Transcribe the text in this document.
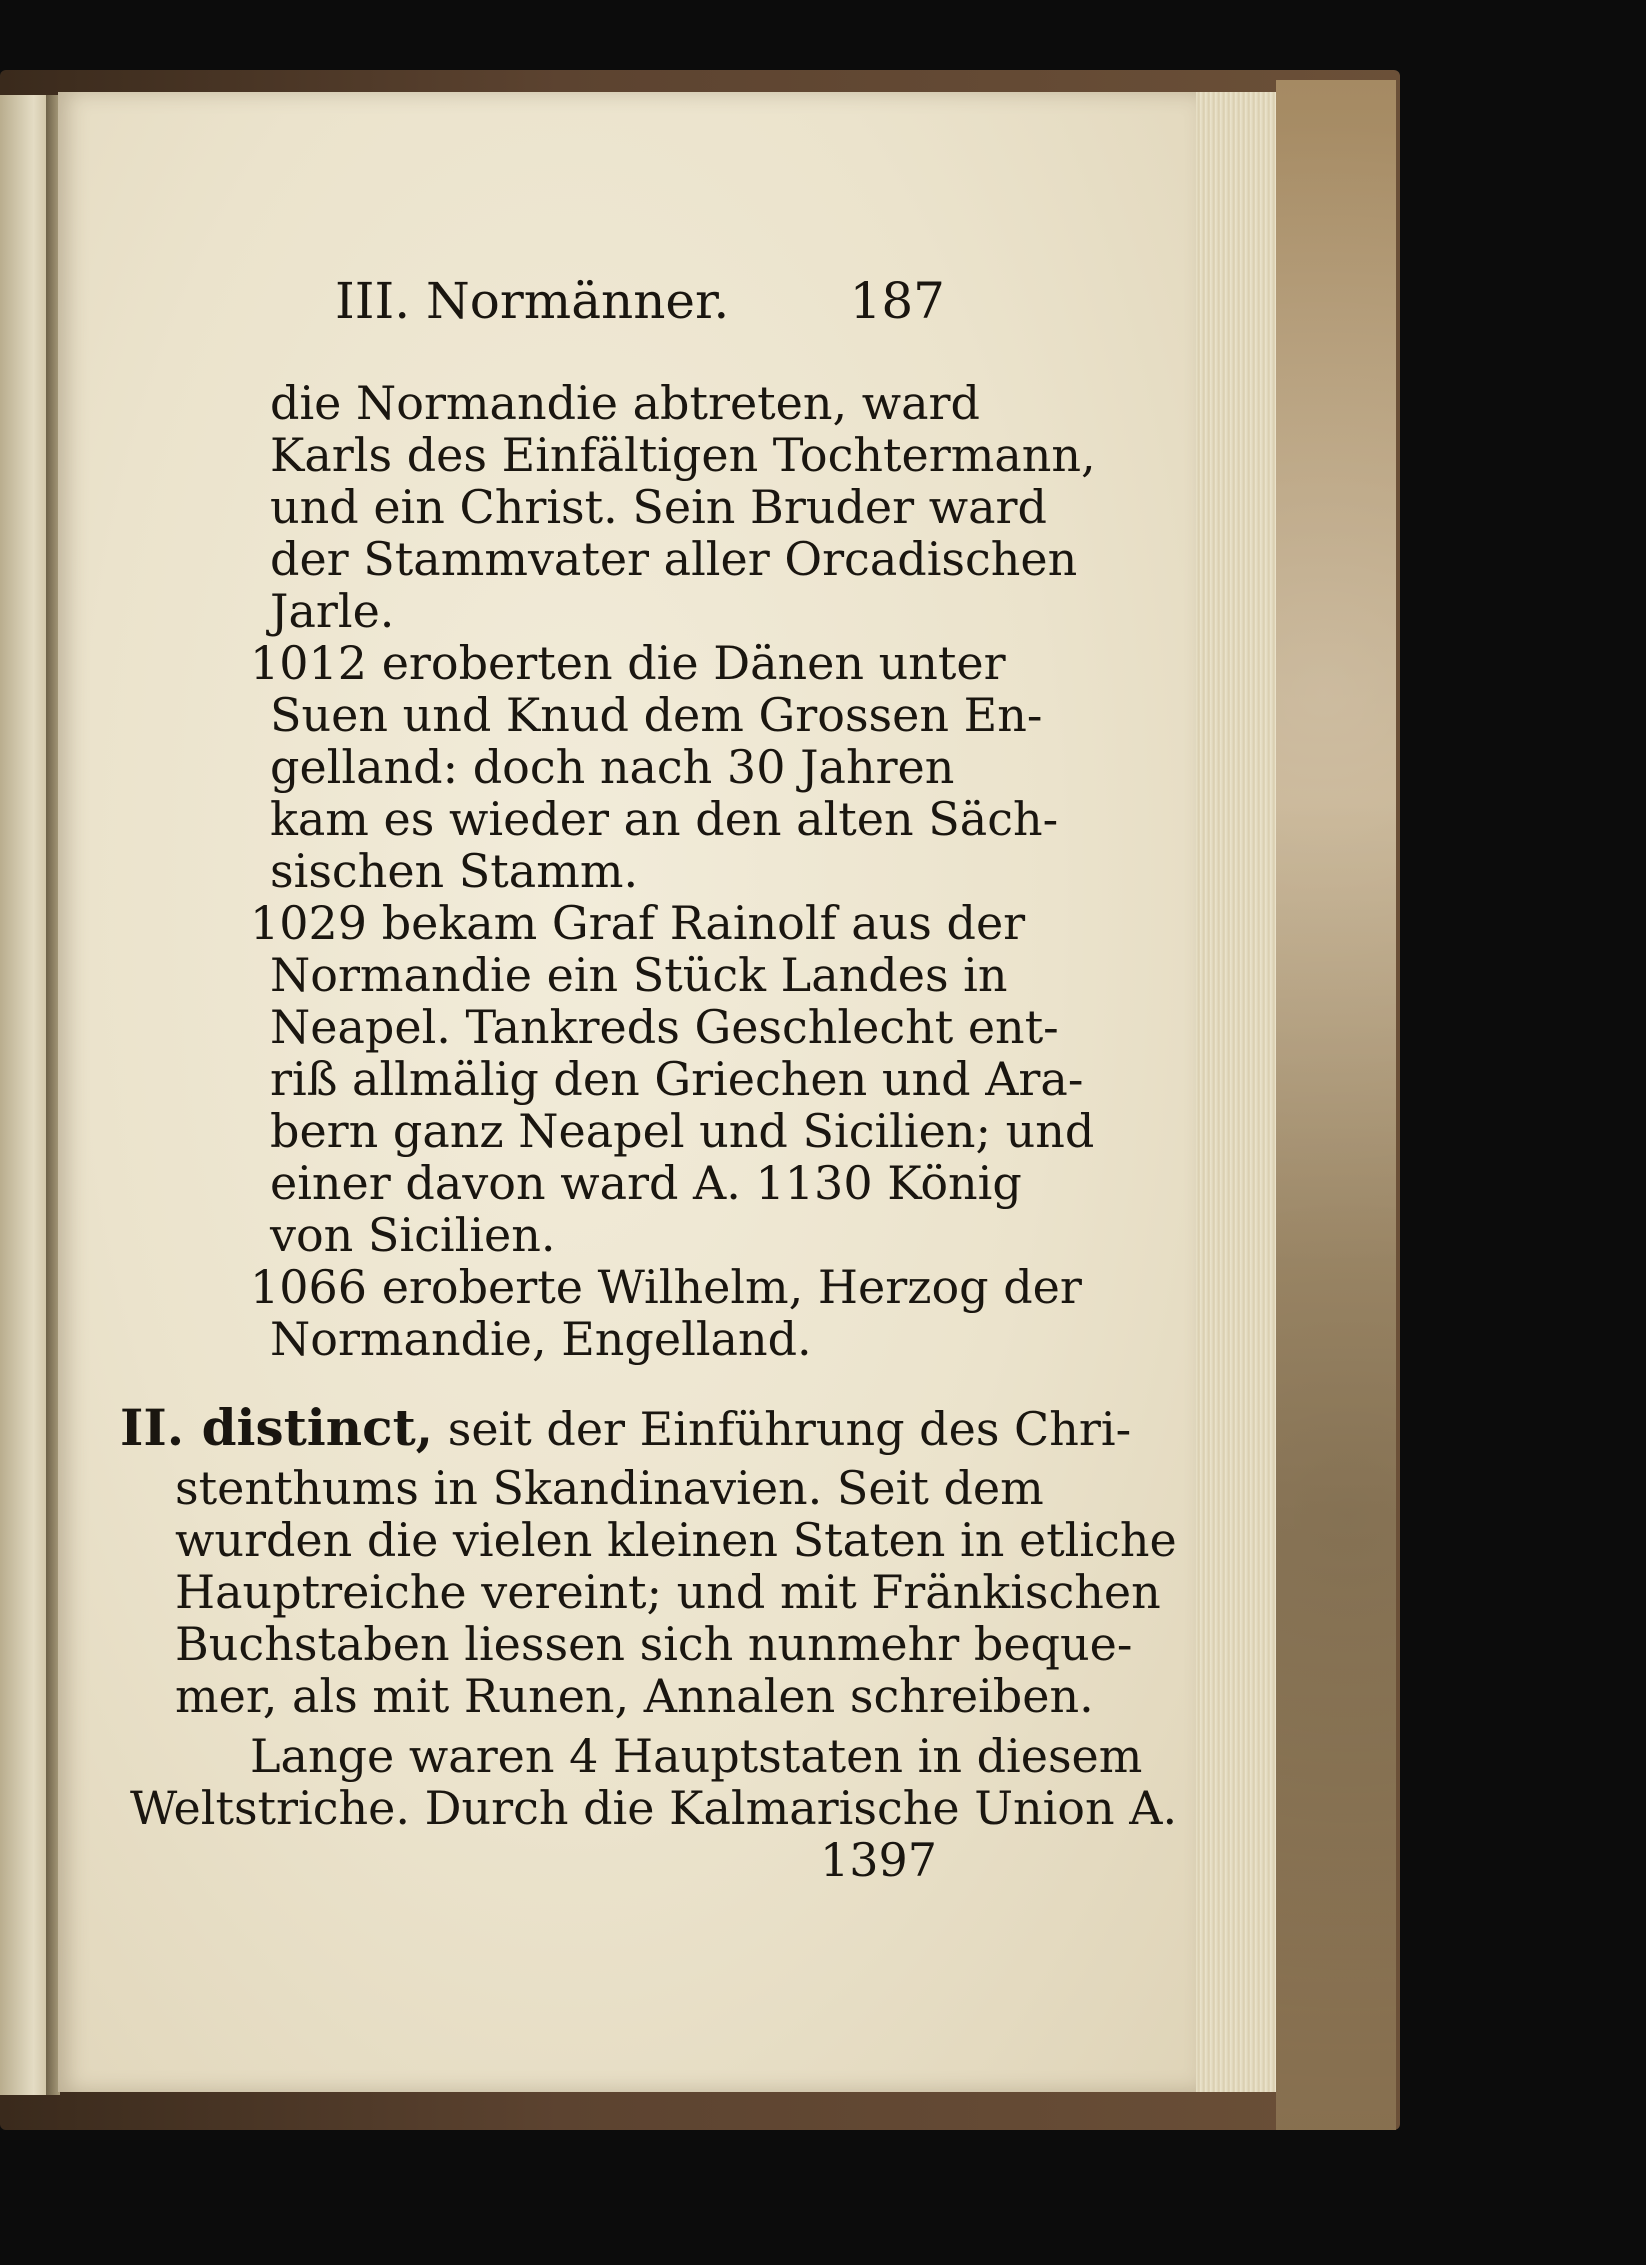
III. Normänner. 187
die Normandie abtreten, ward
Karls des Einfältigen Tochtermann,
und ein Christ. Sein Bruder ward
der Stammvater aller Orcadischen
Jarle.
1012 eroberten die Dänen unter
Suen und Knud dem Grossen En-
gelland: doch nach 30 Jahren
kam es wieder an den alten Säch-
sischen Stamm.
1029 bekam Graf Rainolf aus der
Normandie ein Stück Landes in
Neapel. Tankreds Geschlecht ent-
riß allmälig den Griechen und Ara-
bern ganz Neapel und Sicilien; und
einer davon ward A. 1130 König
von Sicilien.
1066 eroberte Wilhelm, Herzog der
Normandie, Engelland.
II. distinct, seit der Einführung des Chri-
stenthums in Skandinavien. Seit dem
wurden die vielen kleinen Staten in etliche
Hauptreiche vereint; und mit Fränkischen
Buchstaben liessen sich nunmehr beque-
mer, als mit Runen, Annalen schreiben.
Lange waren 4 Hauptstaten in diesem
Weltstriche. Durch die Kalmarische Union A.
1397
